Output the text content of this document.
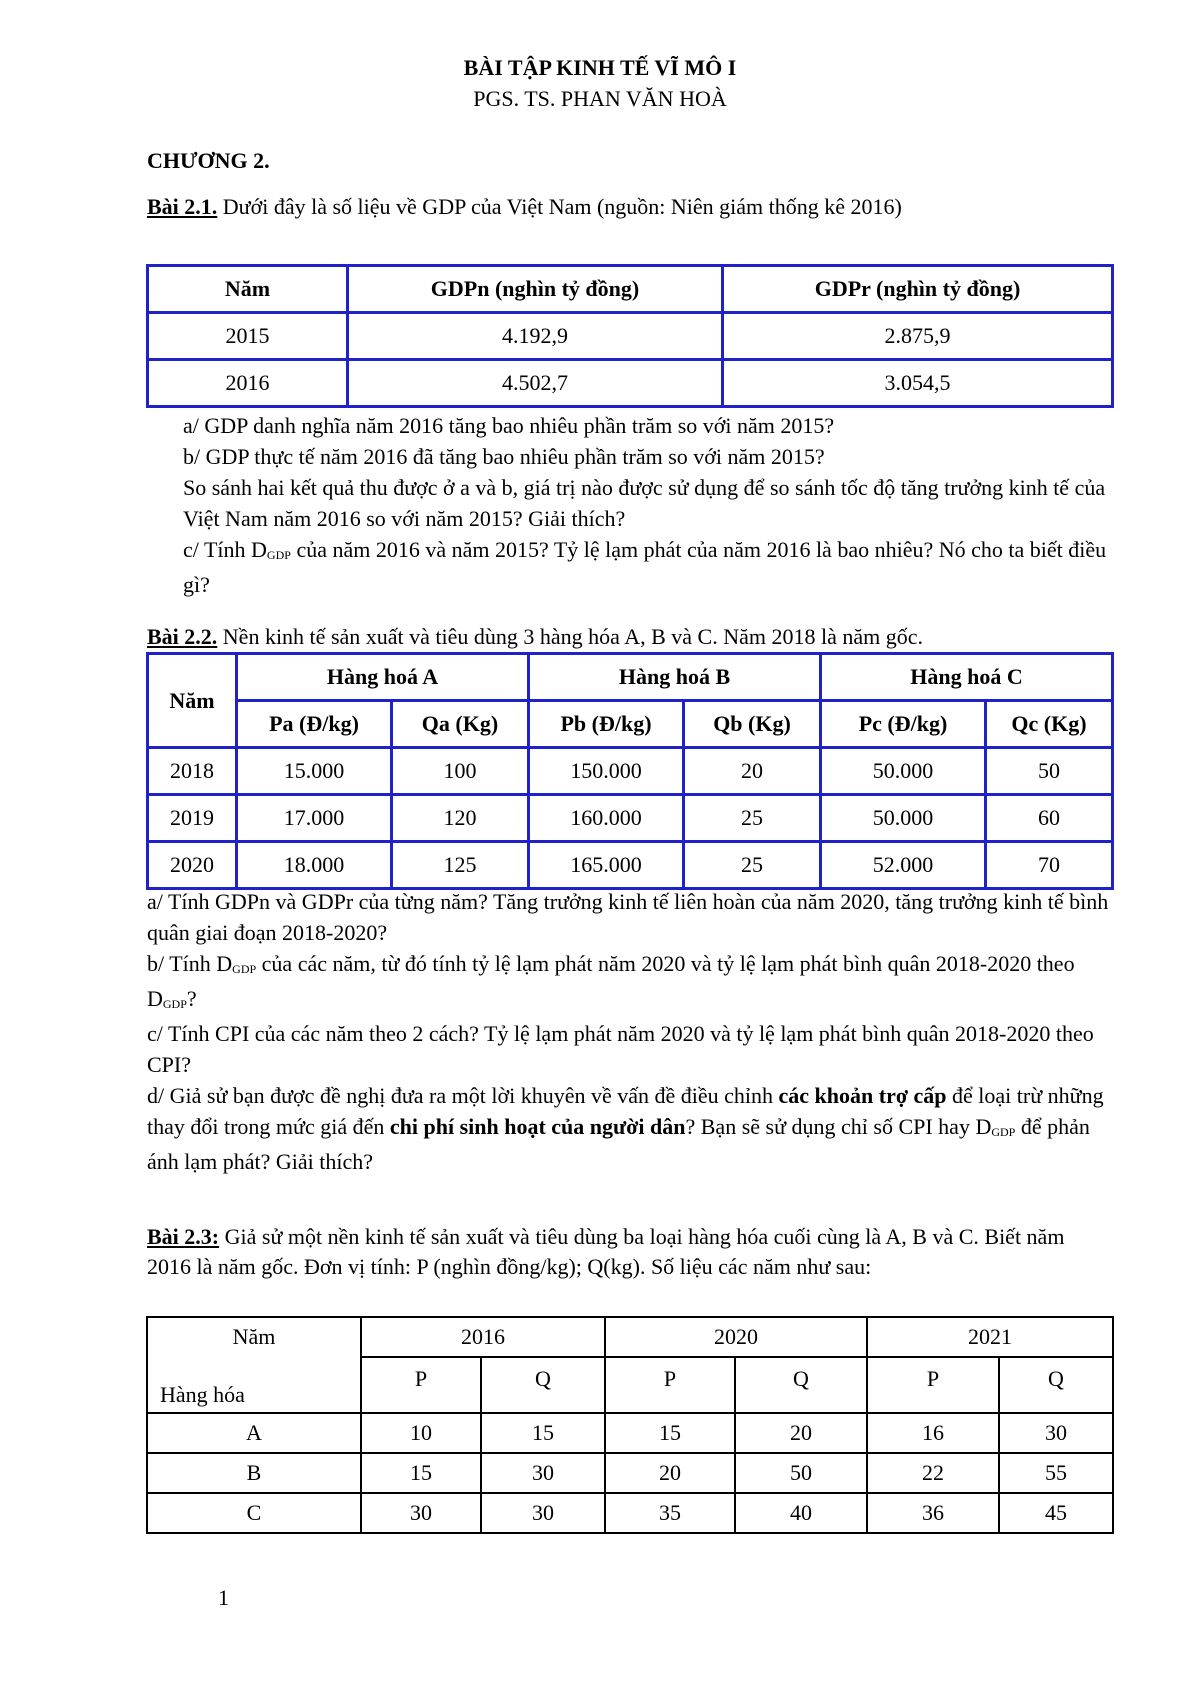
BÀI TẬP KINH TẾ VĨ MÔ I
PGS. TS. PHAN VĂN HOÀ
CHƯƠNG 2.
Bài 2.1. Dưới đây là số liệu về GDP của Việt Nam (nguồn: Niên giám thống kê 2016)
Năm	GDPn (nghìn tỷ đồng)	GDPr (nghìn tỷ đồng)
2015	4.192,9	2.875,9
2016	4.502,7	3.054,5
a/ GDP danh nghĩa năm 2016 tăng bao nhiêu phần trăm so với năm 2015?
b/ GDP thực tế năm 2016 đã tăng bao nhiêu phần trăm so với năm 2015?
So sánh hai kết quả thu được ở a và b, giá trị nào được sử dụng để so sánh tốc độ tăng trưởng kinh tế của Việt Nam năm 2016 so với năm 2015? Giải thích?
c/ Tính $D_{GDP}$ của năm 2016 và năm 2015? Tỷ lệ lạm phát của năm 2016 là bao nhiêu? Nó cho ta biết điều gì?
Bài 2.2. Nền kinh tế sản xuất và tiêu dùng 3 hàng hóa A, B và C. Năm 2018 là năm gốc.
Năm	Hàng hoá A		Hàng hoá B		Hàng hoá C	
	Pa (Đ/kg)	Qa (Kg)	Pb (Đ/kg)	Qb (Kg)	Pc (Đ/kg)	Qc (Kg)
2018	15.000	100	150.000	20	50.000	50
2019	17.000	120	160.000	25	50.000	60
2020	18.000	125	165.000	25	52.000	70
a/ Tính GDPn và GDPr của từng năm? Tăng trưởng kinh tế liên hoàn của năm 2020, tăng trưởng kinh tế bình quân giai đoạn 2018-2020?
b/ Tính $D_{GDP}$ của các năm, từ đó tính tỷ lệ lạm phát năm 2020 và tỷ lệ lạm phát bình quân 2018-2020 theo $D_{GDP}$?
c/ Tính CPI của các năm theo 2 cách? Tỷ lệ lạm phát năm 2020 và tỷ lệ lạm phát bình quân 2018-2020 theo CPI?
d/ Giả sử bạn được đề nghị đưa ra một lời khuyên về vấn đề điều chỉnh các khoản trợ cấp để loại trừ những thay đổi trong mức giá đến chi phí sinh hoạt của người dân? Bạn sẽ sử dụng chỉ số CPI hay $D_{GDP}$ để phản ánh lạm phát? Giải thích?
Bài 2.3: Giả sử một nền kinh tế sản xuất và tiêu dùng ba loại hàng hóa cuối cùng là A, B và C. Biết năm 2016 là năm gốc. Đơn vị tính: P (nghìn đồng/kg); Q(kg). Số liệu các năm như sau:
Năm
Hàng hóa	2016		2020		2021	
	P	Q	P	Q	P	Q
A	10	15	15	20	16	30
B	15	30	20	50	22	55
C	30	30	35	40	36	45
1
